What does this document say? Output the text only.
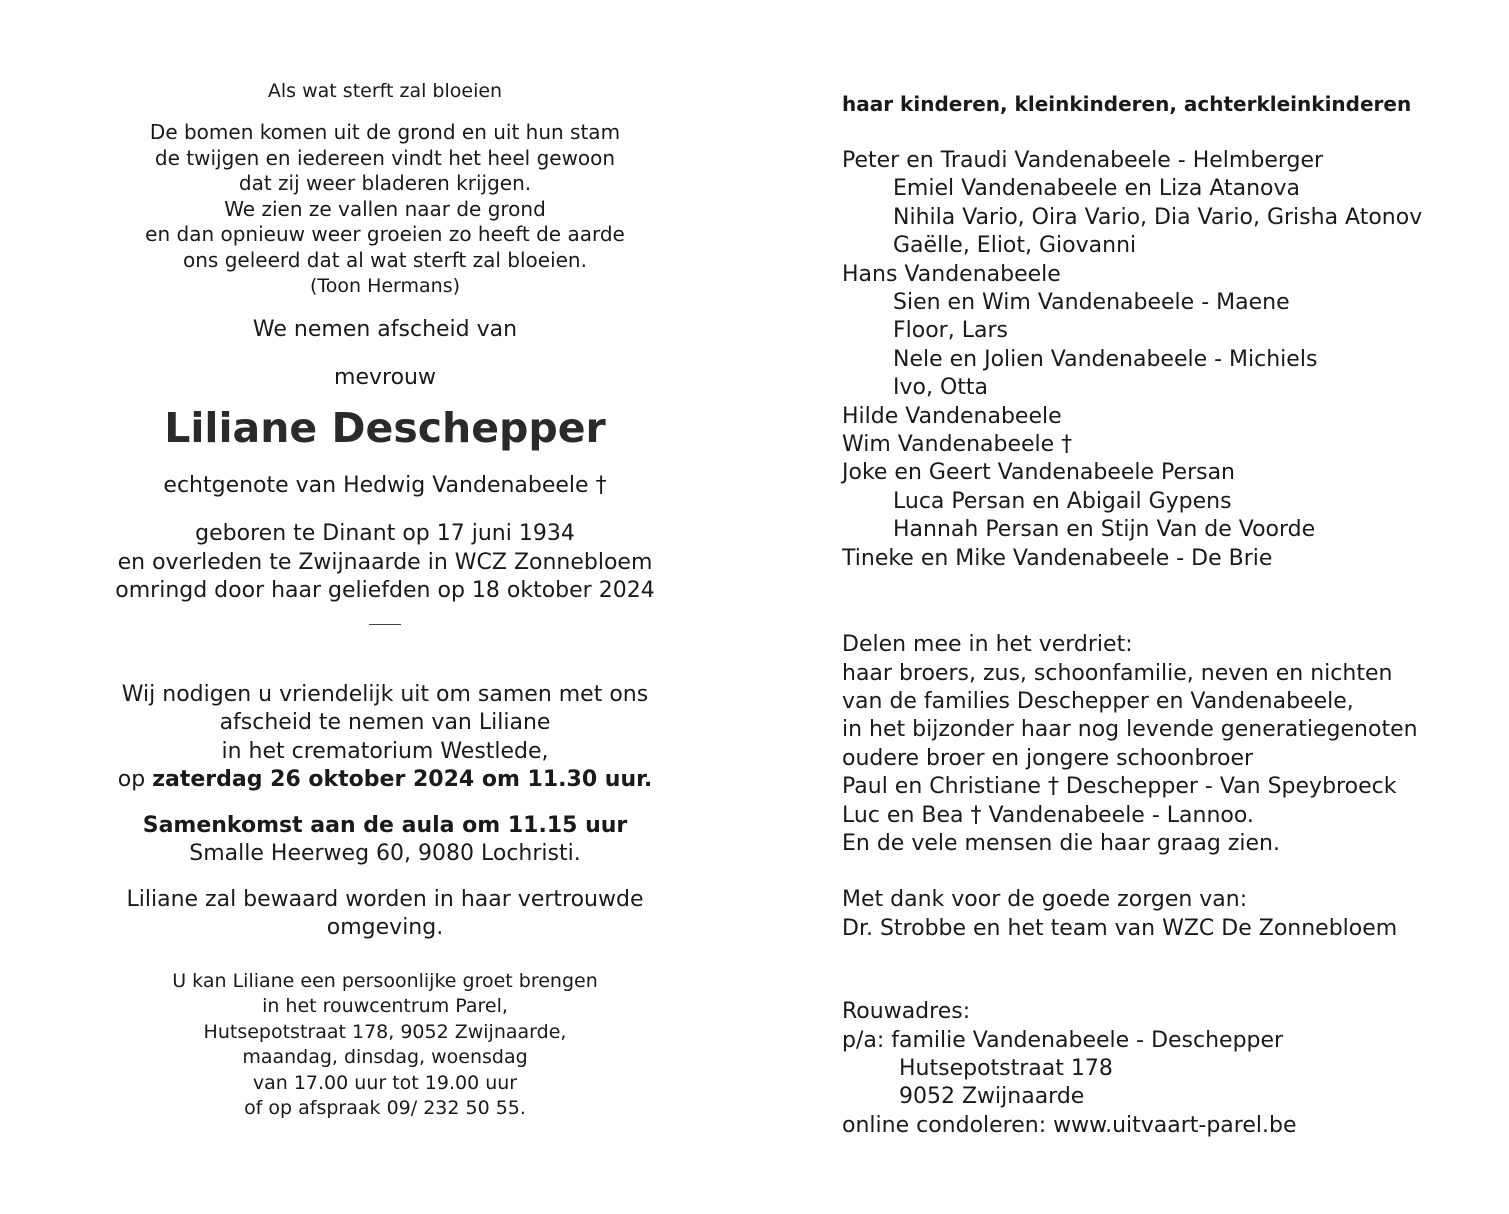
Als wat sterft zal bloeien
De bomen komen uit de grond en uit hun stam
de twijgen en iedereen vindt het heel gewoon
dat zij weer bladeren krijgen.
We zien ze vallen naar de grond
en dan opnieuw weer groeien zo heeft de aarde
ons geleerd dat al wat sterft zal bloeien.
(Toon Hermans)
We nemen afscheid van
mevrouw
Liliane Deschepper
echtgenote van Hedwig Vandenabeele †
geboren te Dinant op 17 juni 1934
en overleden te Zwijnaarde in WCZ Zonnebloem
omringd door haar geliefden op 18 oktober 2024
Wij nodigen u vriendelijk uit om samen met ons
afscheid te nemen van Liliane
in het crematorium Westlede,
op zaterdag 26 oktober 2024 om 11.30 uur.
Samenkomst aan de aula om 11.15 uur
Smalle Heerweg 60, 9080 Lochristi.
Liliane zal bewaard worden in haar vertrouwde
omgeving.
U kan Liliane een persoonlijke groet brengen
in het rouwcentrum Parel,
Hutsepotstraat 178, 9052 Zwijnaarde,
maandag, dinsdag, woensdag
van 17.00 uur tot 19.00 uur
of op afspraak 09/ 232 50 55.
haar kinderen, kleinkinderen, achterkleinkinderen
Peter en Traudi Vandenabeele - Helmberger
Emiel Vandenabeele en Liza Atanova
Nihila Vario, Oira Vario, Dia Vario, Grisha Atonov
Gaëlle, Eliot, Giovanni
Hans Vandenabeele
Sien en Wim Vandenabeele - Maene
Floor, Lars
Nele en Jolien Vandenabeele - Michiels
Ivo, Otta
Hilde Vandenabeele
Wim Vandenabeele †
Joke en Geert Vandenabeele Persan
Luca Persan en Abigail Gypens
Hannah Persan en Stijn Van de Voorde
Tineke en Mike Vandenabeele - De Brie
Delen mee in het verdriet:
haar broers, zus, schoonfamilie, neven en nichten
van de families Deschepper en Vandenabeele,
in het bijzonder haar nog levende generatiegenoten
oudere broer en jongere schoonbroer
Paul en Christiane † Deschepper - Van Speybroeck
Luc en Bea † Vandenabeele - Lannoo.
En de vele mensen die haar graag zien.
Met dank voor de goede zorgen van:
Dr. Strobbe en het team van WZC De Zonnebloem
Rouwadres:
p/a: familie Vandenabeele - Deschepper
Hutsepotstraat 178
9052 Zwijnaarde
online condoleren: www.uitvaart-parel.be
